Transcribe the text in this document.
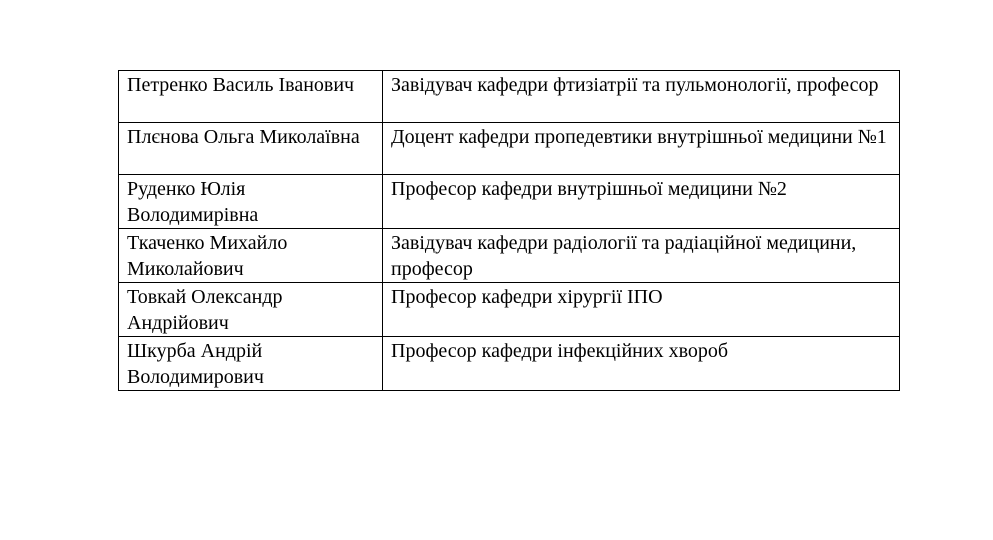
Петренко Василь Іванович	Завідувач кафедри фтизіатрії та пульмонології, професор
Плєнова Ольга Миколаївна	Доцент кафедри пропедевтики внутрішньої медицини №1
Руденко Юлія Володимирівна	Професор кафедри внутрішньої медицини №2
Ткаченко Михайло Миколайович	Завідувач кафедри радіології та радіаційної медицини, професор
Товкай Олександр Андрійович	Професор кафедри хірургії ІПО
Шкурба Андрій Володимирович	Професор кафедри інфекційних хвороб
